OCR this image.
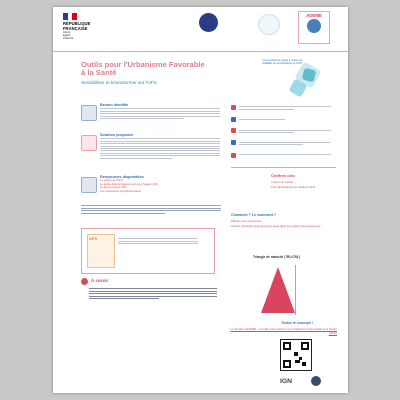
RÉPUBLIQUE
FRANÇAISE
Liberté
Égalité
Fraternité
ADEME
Outils pour l'Urbanisme Favorable à la Santé
Sensibiliser et brainstormer sur l'UFS
Les résultats de l'appel à projets de l'ADEME sur la thématique de l'UFS
Besoin identifié
Solution proposée
Ressources disponibles
Le poster de l'UFS
Le guide d'accompagnement pour l'atelier UFS
Le jeu de cartes UFS
Les ressources complémentaires
UFS
À savoir
Chiffres clés
4 Jeux de cartes
100 participants aux ateliers UFS
Comment ? Le comment ?
Diffusion des ressources
Ateliers interactifs pour penser la santé dans les projets d'aménagement
Triangle de maturité (TRL/CRL)
Testez le concept !
La librairie ADEME : 4 outils d'animation sur l'Urbanisme Favorable à la Santé (UFS)
IGN
